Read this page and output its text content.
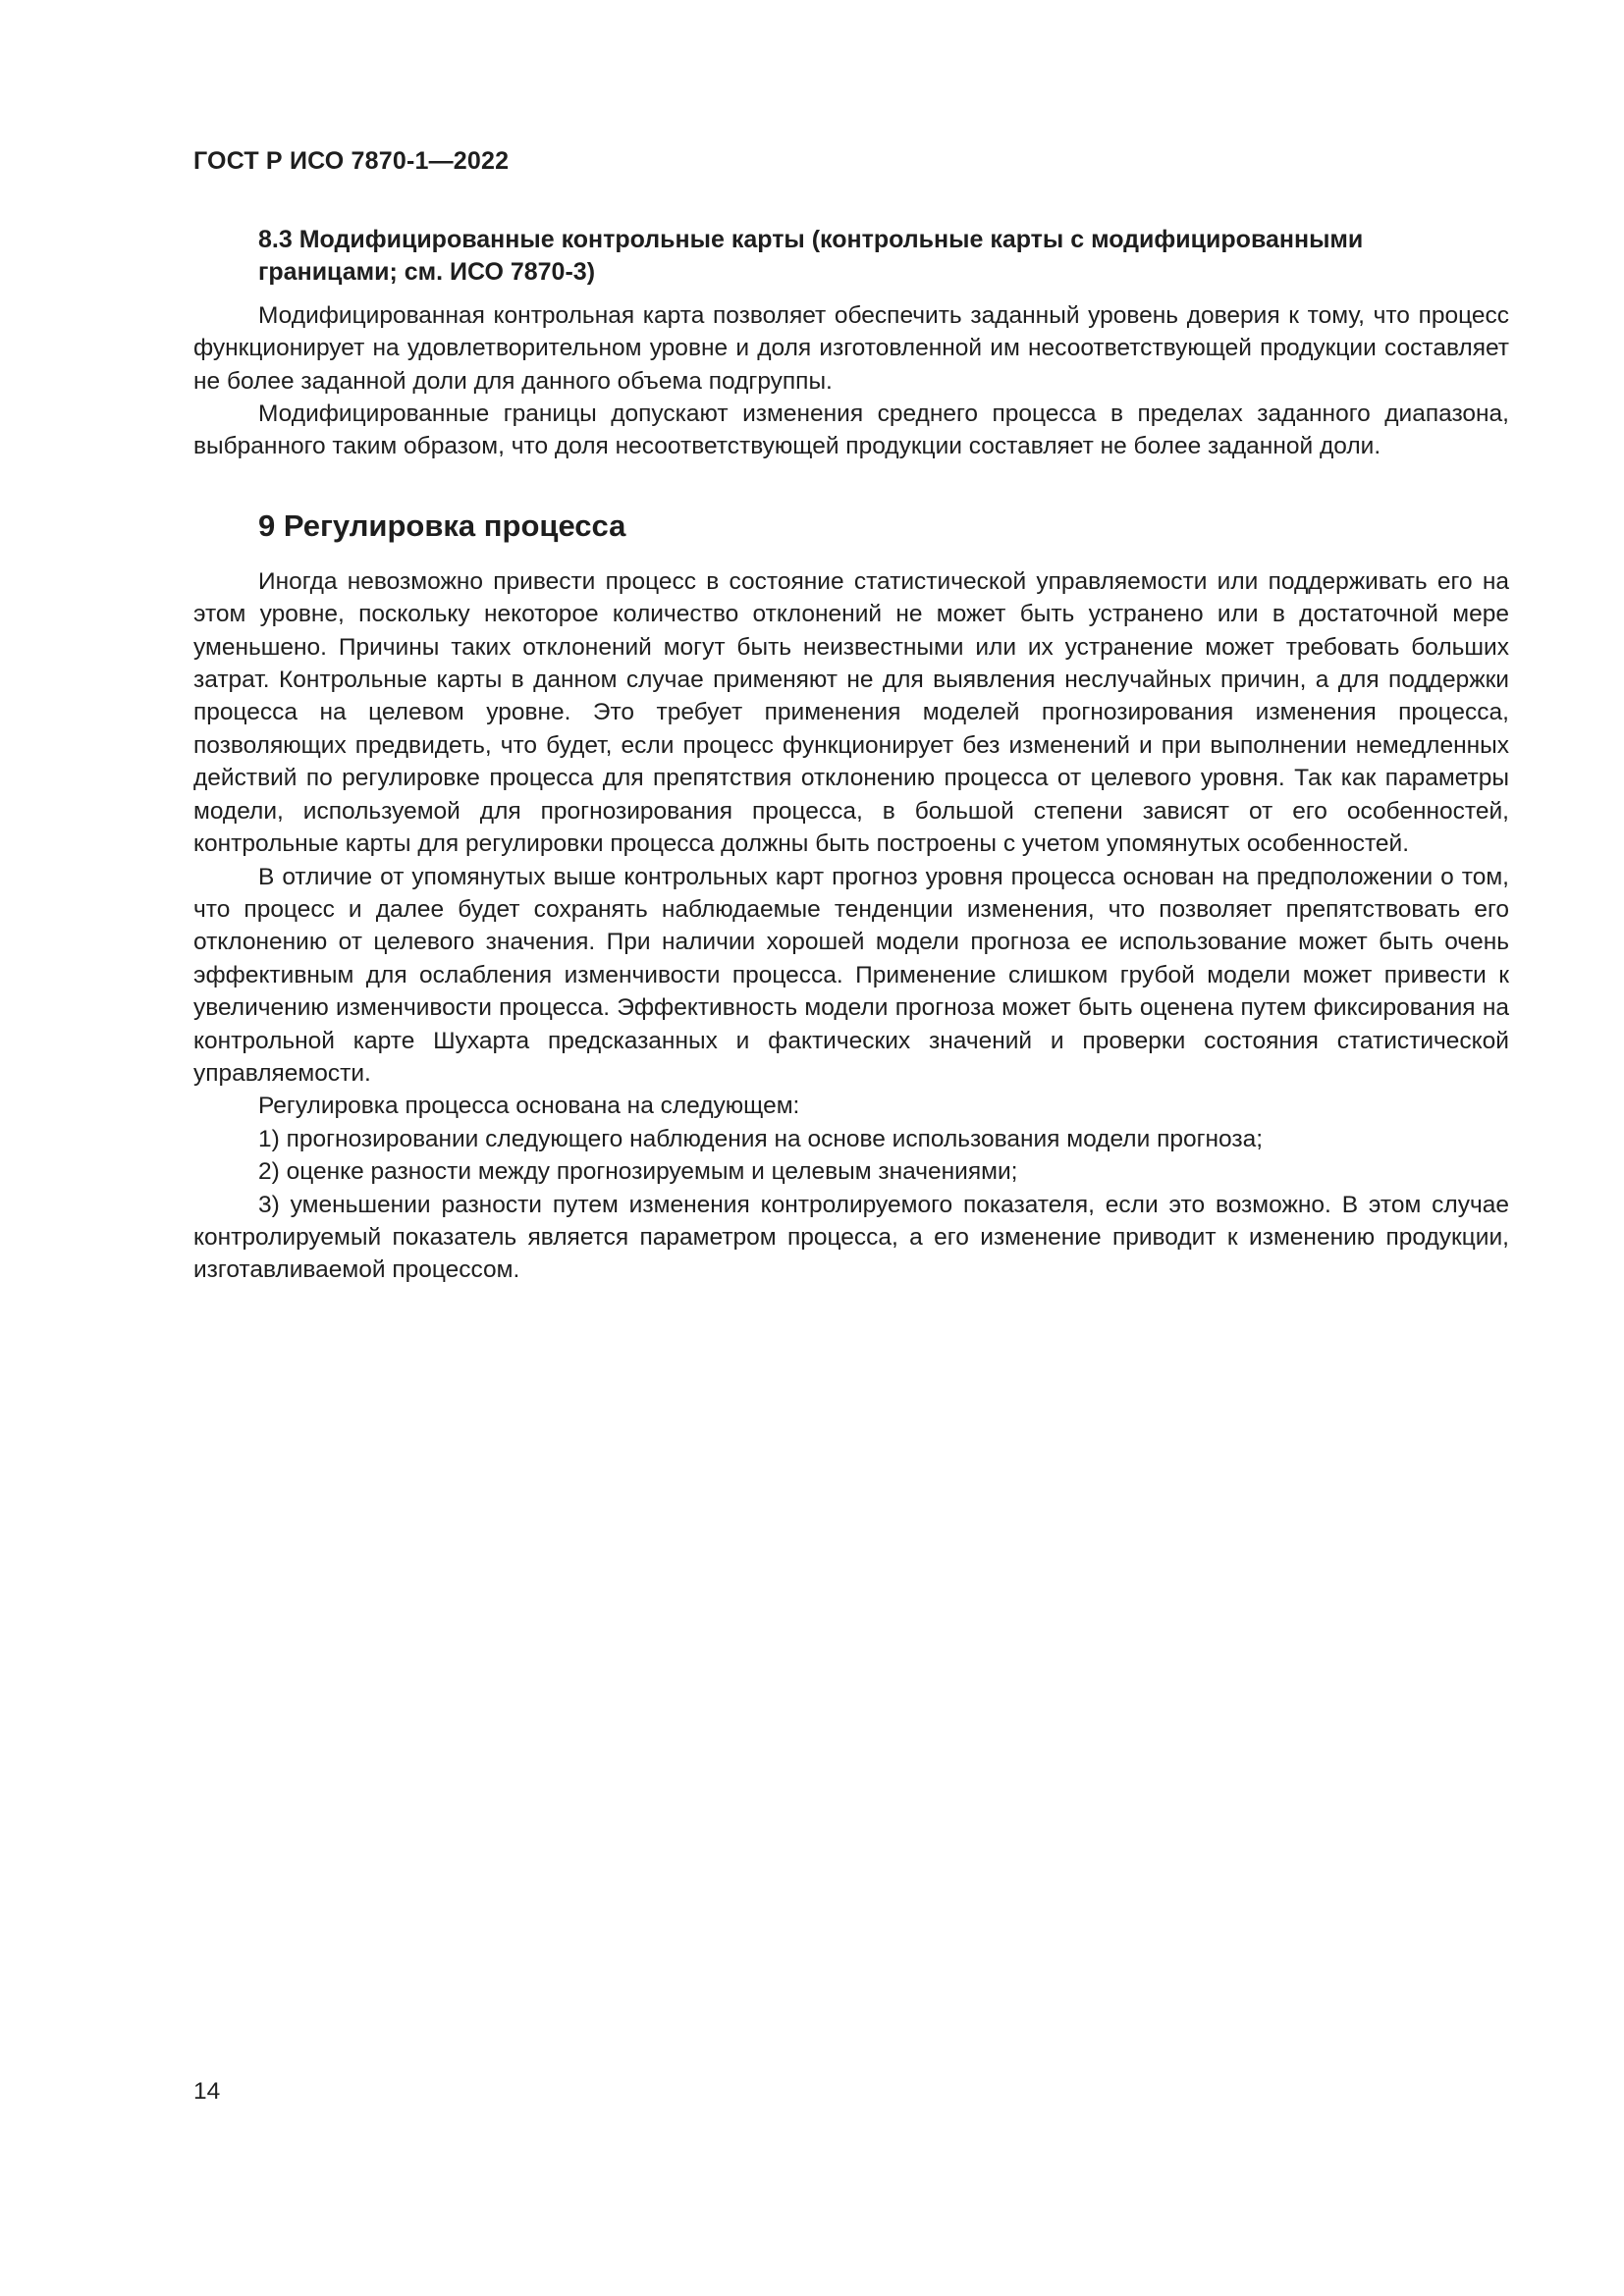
ГОСТ Р ИСО 7870-1—2022
8.3 Модифицированные контрольные карты (контрольные карты с модифицированными границами; см. ИСО 7870-3)

Модифицированная контрольная карта позволяет обеспечить заданный уровень доверия к тому, что процесс функционирует на удовлетворительном уровне и доля изготовленной им несоответствующей продукции составляет не более заданной доли для данного объема подгруппы.

Модифицированные границы допускают изменения среднего процесса в пределах заданного диапазона, выбранного таким образом, что доля несоответствующей продукции составляет не более заданной доли.

9 Регулировка процесса

Иногда невозможно привести процесс в состояние статистической управляемости или поддерживать его на этом уровне, поскольку некоторое количество отклонений не может быть устранено или в достаточной мере уменьшено. Причины таких отклонений могут быть неизвестными или их устранение может требовать больших затрат. Контрольные карты в данном случае применяют не для выявления неслучайных причин, а для поддержки процесса на целевом уровне. Это требует применения моделей прогнозирования изменения процесса, позволяющих предвидеть, что будет, если процесс функционирует без изменений и при выполнении немедленных действий по регулировке процесса для препятствия отклонению процесса от целевого уровня. Так как параметры модели, используемой для прогнозирования процесса, в большой степени зависят от его особенностей, контрольные карты для регулировки процесса должны быть построены с учетом упомянутых особенностей.

В отличие от упомянутых выше контрольных карт прогноз уровня процесса основан на предположении о том, что процесс и далее будет сохранять наблюдаемые тенденции изменения, что позволяет препятствовать его отклонению от целевого значения. При наличии хорошей модели прогноза ее использование может быть очень эффективным для ослабления изменчивости процесса. Применение слишком грубой модели может привести к увеличению изменчивости процесса. Эффективность модели прогноза может быть оценена путем фиксирования на контрольной карте Шухарта предсказанных и фактических значений и проверки состояния статистической управляемости.

Регулировка процесса основана на следующем:

1) прогнозировании следующего наблюдения на основе использования модели прогноза;

2) оценке разности между прогнозируемым и целевым значениями;

3) уменьшении разности путем изменения контролируемого показателя, если это возможно. В этом случае контролируемый показатель является параметром процесса, а его изменение приводит к изменению продукции, изготавливаемой процессом.

14
